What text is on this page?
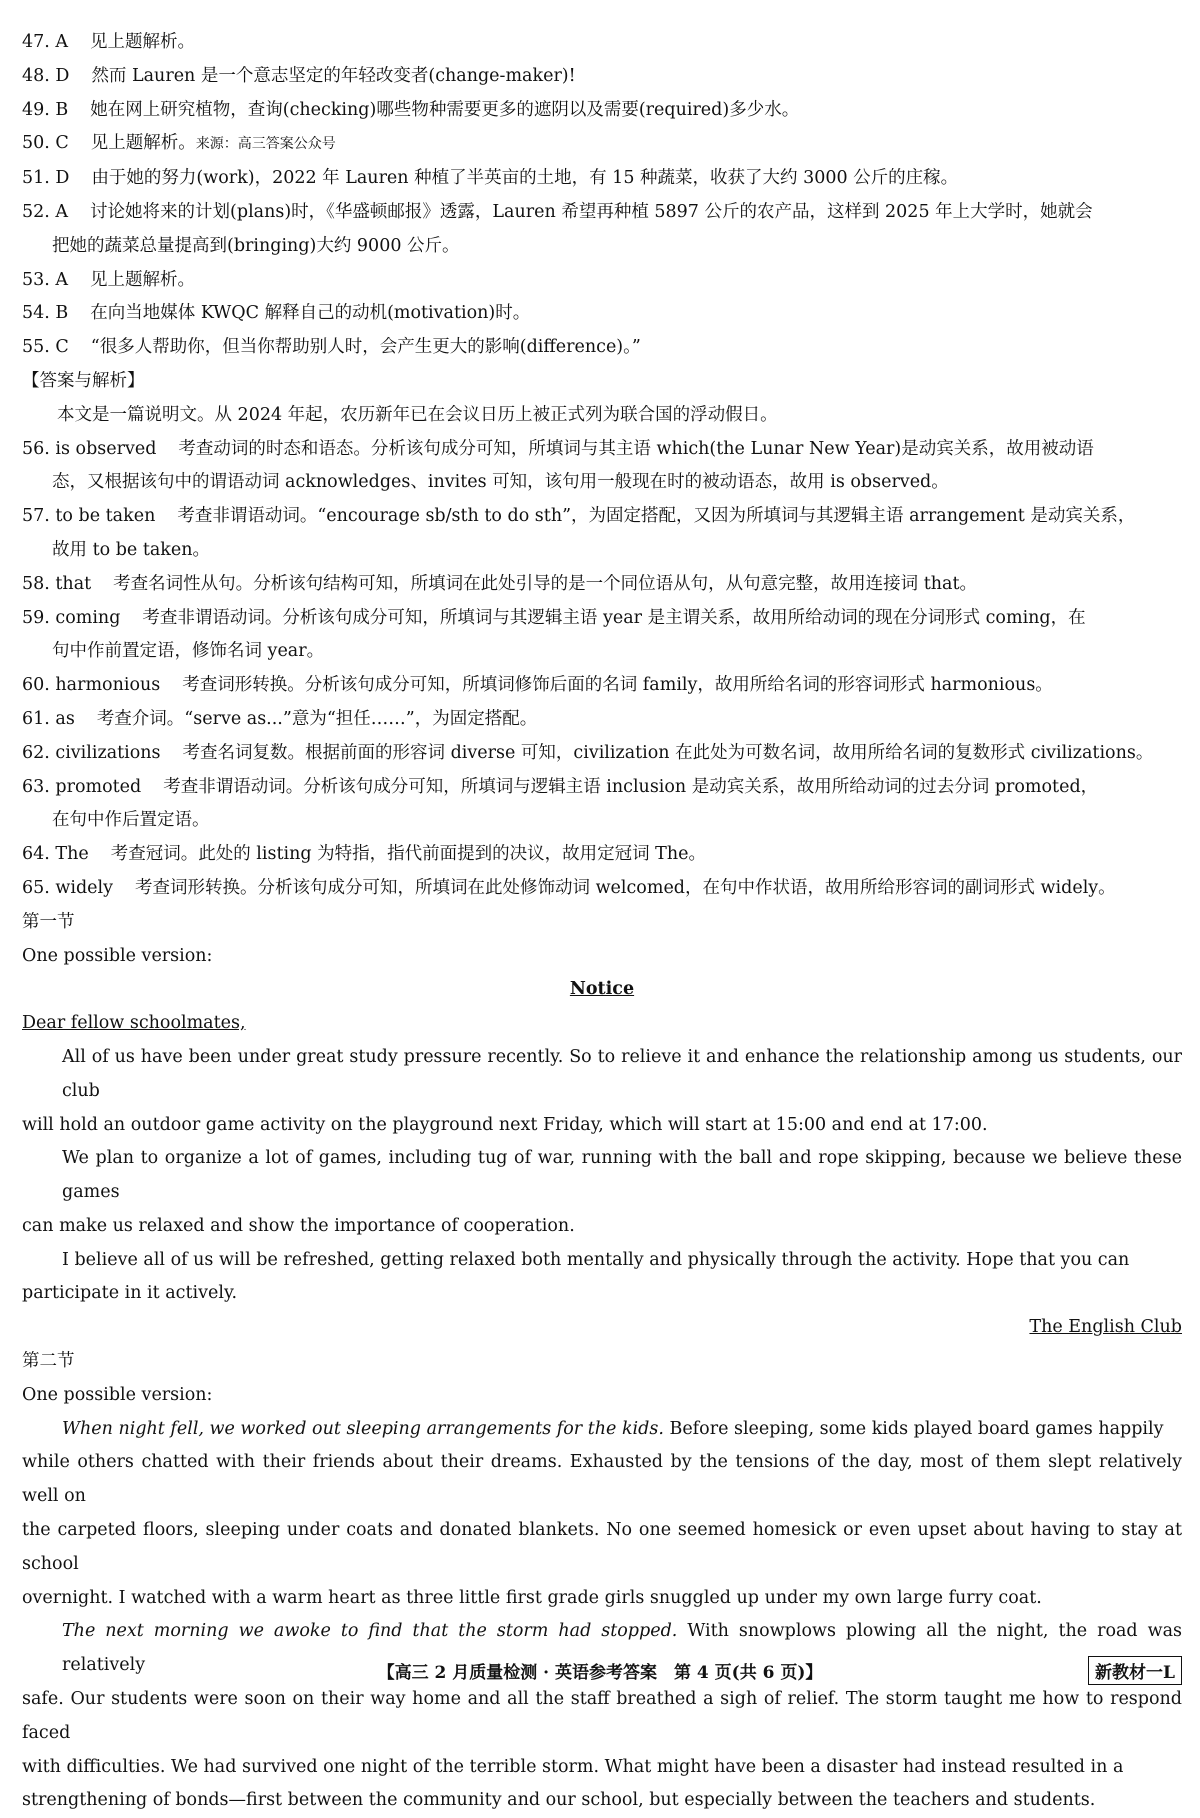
47. A 见上题解析。
48. D 然而 Lauren 是一个意志坚定的年轻改变者(change-maker)!
49. B 她在网上研究植物，查询(checking)哪些物种需要更多的遮阴以及需要(required)多少水。
50. C 见上题解析。来源：高三答案公众号
51. D 由于她的努力(work)，2022 年 Lauren 种植了半英亩的土地，有 15 种蔬菜，收获了大约 3000 公斤的庄稼。
52. A 讨论她将来的计划(plans)时，《华盛顿邮报》透露，Lauren 希望再种植 5897 公斤的农产品，这样到 2025 年上大学时，她就会
把她的蔬菜总量提高到(bringing)大约 9000 公斤。
53. A 见上题解析。
54. B 在向当地媒体 KWQC 解释自己的动机(motivation)时。
55. C “很多人帮助你，但当你帮助别人时，会产生更大的影响(difference)。”
【答案与解析】
本文是一篇说明文。从 2024 年起，农历新年已在会议日历上被正式列为联合国的浮动假日。
56. is observed 考查动词的时态和语态。分析该句成分可知，所填词与其主语 which(the Lunar New Year)是动宾关系，故用被动语
态，又根据该句中的谓语动词 acknowledges、invites 可知，该句用一般现在时的被动语态，故用 is observed。
57. to be taken 考查非谓语动词。“encourage sb/sth to do sth”，为固定搭配，又因为所填词与其逻辑主语 arrangement 是动宾关系，
故用 to be taken。
58. that 考查名词性从句。分析该句结构可知，所填词在此处引导的是一个同位语从句，从句意完整，故用连接词 that。
59. coming 考查非谓语动词。分析该句成分可知，所填词与其逻辑主语 year 是主谓关系，故用所给动词的现在分词形式 coming，在
句中作前置定语，修饰名词 year。
60. harmonious 考查词形转换。分析该句成分可知，所填词修饰后面的名词 family，故用所给名词的形容词形式 harmonious。
61. as 考查介词。“serve as...”意为“担任……”，为固定搭配。
62. civilizations 考查名词复数。根据前面的形容词 diverse 可知，civilization 在此处为可数名词，故用所给名词的复数形式 civilizations。
63. promoted 考查非谓语动词。分析该句成分可知，所填词与逻辑主语 inclusion 是动宾关系，故用所给动词的过去分词 promoted，
在句中作后置定语。
64. The 考查冠词。此处的 listing 为特指，指代前面提到的决议，故用定冠词 The。
65. widely 考查词形转换。分析该句成分可知，所填词在此处修饰动词 welcomed，在句中作状语，故用所给形容词的副词形式 widely。
第一节
One possible version:
Notice
Dear fellow schoolmates,
All of us have been under great study pressure recently. So to relieve it and enhance the relationship among us students, our club
will hold an outdoor game activity on the playground next Friday, which will start at 15:00 and end at 17:00.
We plan to organize a lot of games, including tug of war, running with the ball and rope skipping, because we believe these games
can make us relaxed and show the importance of cooperation.
I believe all of us will be refreshed, getting relaxed both mentally and physically through the activity. Hope that you can
participate in it actively.
The English Club
第二节
One possible version:
When night fell, we worked out sleeping arrangements for the kids. Before sleeping, some kids played board games happily
while others chatted with their friends about their dreams. Exhausted by the tensions of the day, most of them slept relatively well on
the carpeted floors, sleeping under coats and donated blankets. No one seemed homesick or even upset about having to stay at school
overnight. I watched with a warm heart as three little first grade girls snuggled up under my own large furry coat.
The next morning we awoke to find that the storm had stopped. With snowplows plowing all the night, the road was relatively
safe. Our students were soon on their way home and all the staff breathed a sigh of relief. The storm taught me how to respond faced
with difficulties. We had survived one night of the terrible storm. What might have been a disaster had instead resulted in a
strengthening of bonds—first between the community and our school, but especially between the teachers and students.
【高三 2 月质量检测 · 英语参考答案　第 4 页(共 6 页)】	新教材一L
